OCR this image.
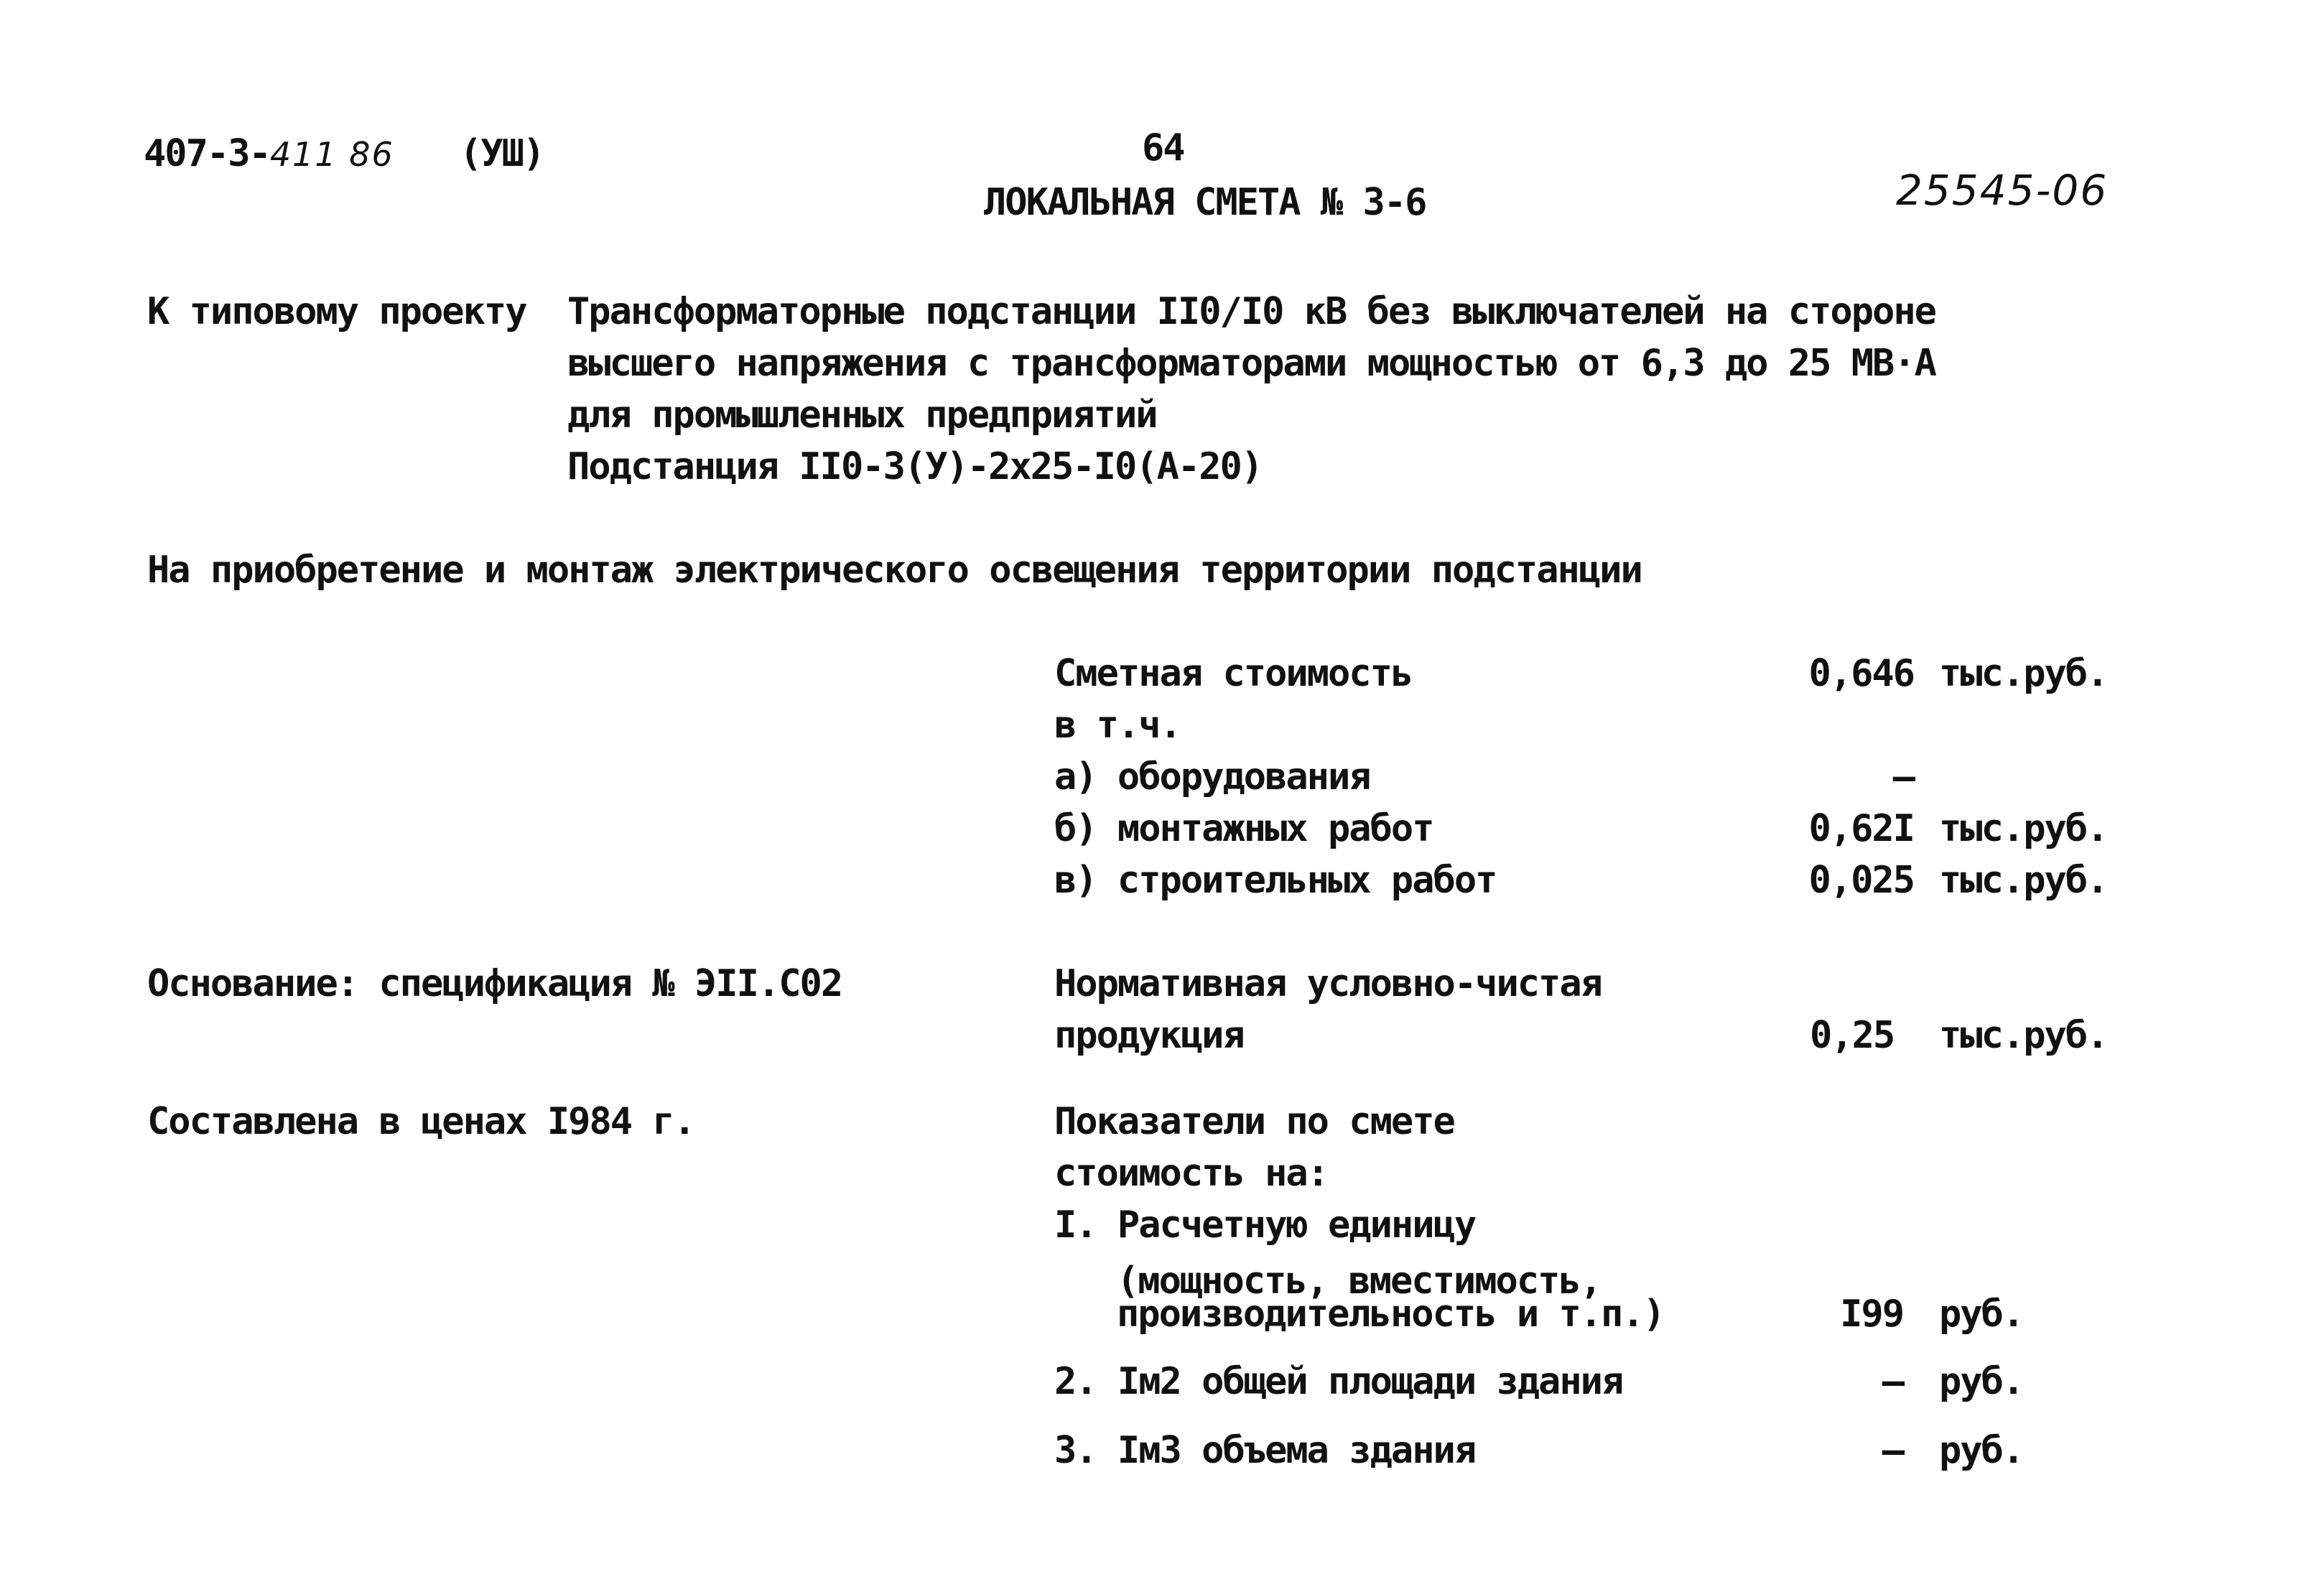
407-3-411 86 (УШ)	64
ЛОКАЛЬНАЯ СМЕТА № 3-6	25545-06
К типовому проекту Трансформаторные подстанции II0/I0 кВ без выключателей на стороне
высшего напряжения с трансформаторами мощностью от 6,3 до 25 МВ·А
для промышленных предприятий
Подстанция II0-3(У)-2x25-I0(А-20)
На приобретение и монтаж электрического освещения территории подстанции
Сметная стоимость	0,646 тыс.руб.
в т.ч.
а) оборудования	–
б) монтажных работ	0,62I тыс.руб.
в) строительных работ	0,025 тыс.руб.
Основание: спецификация № ЭII.С02	Нормативная условно-чистая
продукция	0,25 тыс.руб.
Составлена в ценах I984 г.	Показатели по смете
стоимость на:
I. Расчетную единицу
(мощность, вместимость,
производительность и т.п.)	I99 руб.
2. Iм2 общей площади здания	– руб.
3. Iм3 объема здания	– руб.
